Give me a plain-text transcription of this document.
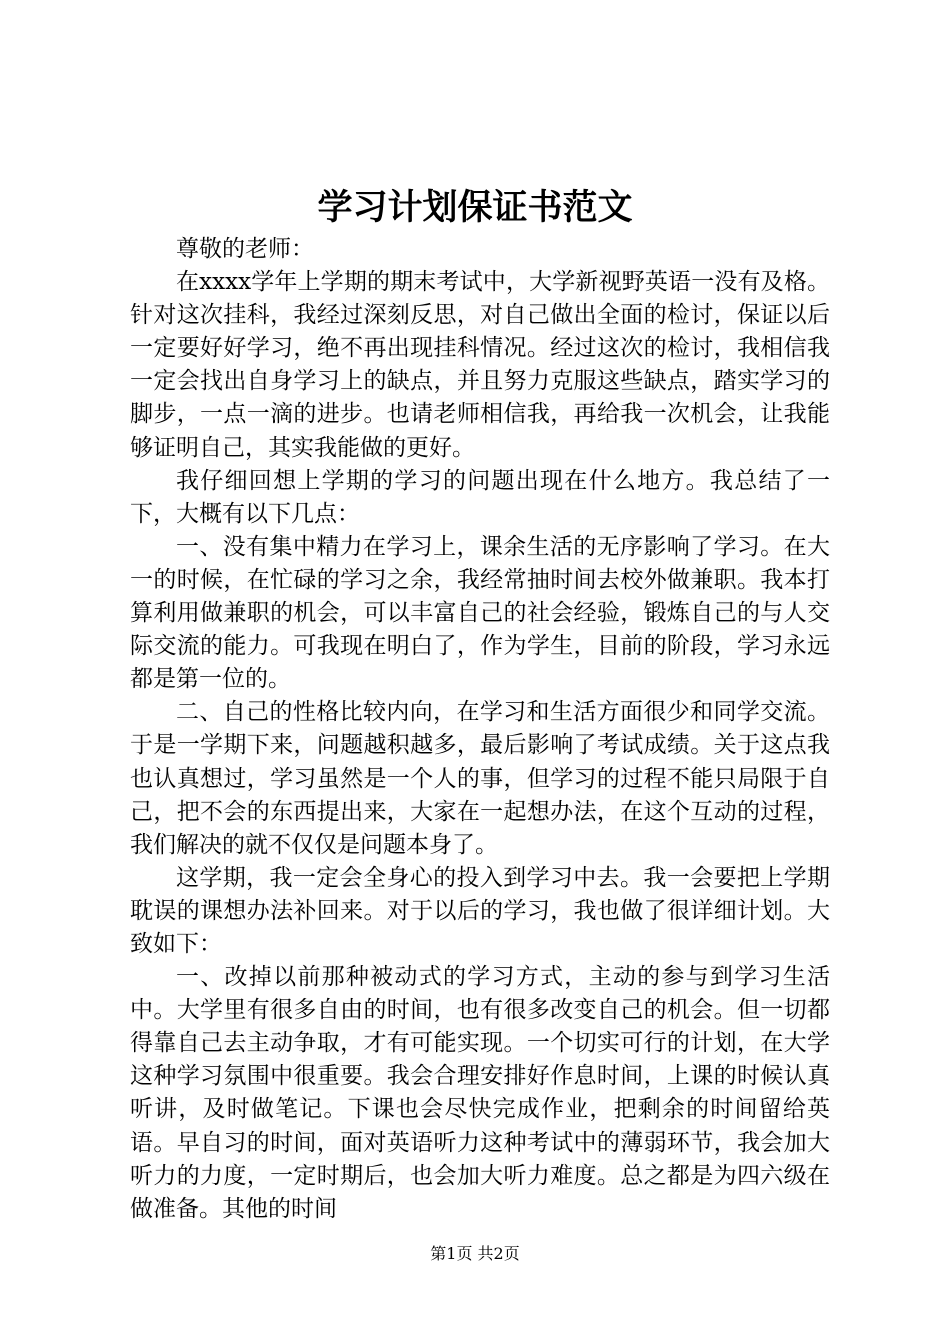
学习计划保证书范文

尊敬的老师：

在xxxx学年上学期的期末考试中，大学新视野英语一没有及格。针对这次挂科，我经过深刻反思，对自己做出全面的检讨，保证以后一定要好好学习，绝不再出现挂科情况。经过这次的检讨，我相信我一定会找出自身学习上的缺点，并且努力克服这些缺点，踏实学习的脚步，一点一滴的进步。也请老师相信我，再给我一次机会，让我能够证明自己，其实我能做的更好。

我仔细回想上学期的学习的问题出现在什么地方。我总结了一下，大概有以下几点：

一、没有集中精力在学习上，课余生活的无序影响了学习。在大一的时候，在忙碌的学习之余，我经常抽时间去校外做兼职。我本打算利用做兼职的机会，可以丰富自己的社会经验，锻炼自己的与人交际交流的能力。可我现在明白了，作为学生，目前的阶段，学习永远都是第一位的。

二、自己的性格比较内向，在学习和生活方面很少和同学交流。于是一学期下来，问题越积越多，最后影响了考试成绩。关于这点我也认真想过，学习虽然是一个人的事，但学习的过程不能只局限于自己，把不会的东西提出来，大家在一起想办法，在这个互动的过程，我们解决的就不仅仅是问题本身了。

这学期，我一定会全身心的投入到学习中去。我一会要把上学期耽误的课想办法补回来。对于以后的学习，我也做了很详细计划。大致如下：

一、改掉以前那种被动式的学习方式，主动的参与到学习生活中。大学里有很多自由的时间，也有很多改变自己的机会。但一切都得靠自己去主动争取，才有可能实现。一个切实可行的计划，在大学这种学习氛围中很重要。我会合理安排好作息时间，上课的时候认真听讲，及时做笔记。下课也会尽快完成作业，把剩余的时间留给英语。早自习的时间，面对英语听力这种考试中的薄弱环节，我会加大听力的力度，一定时期后，也会加大听力难度。总之都是为四六级在做准备。其他的时间

第1页 共2页
